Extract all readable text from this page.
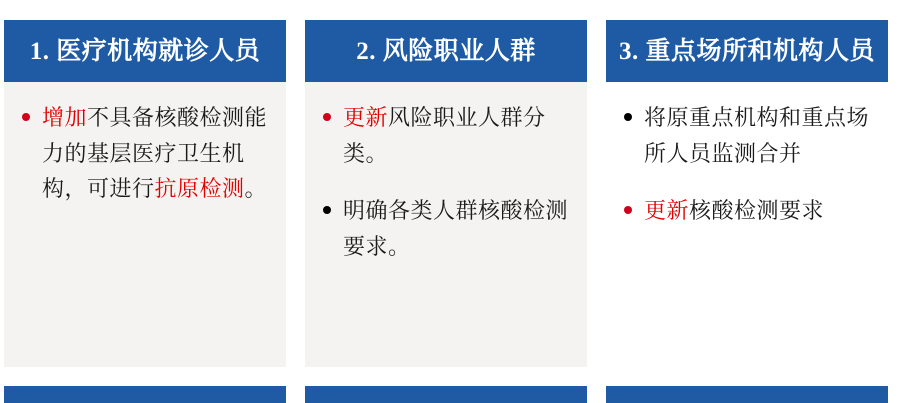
1. 医疗机构就诊人员
增加不具备核酸检测能力的基层医疗卫生机构，可进行抗原检测。
2. 风险职业人群
更新风险职业人群分类。
明确各类人群核酸检测要求。
3. 重点场所和机构人员
将原重点机构和重点场所人员监测合并
更新核酸检测要求
